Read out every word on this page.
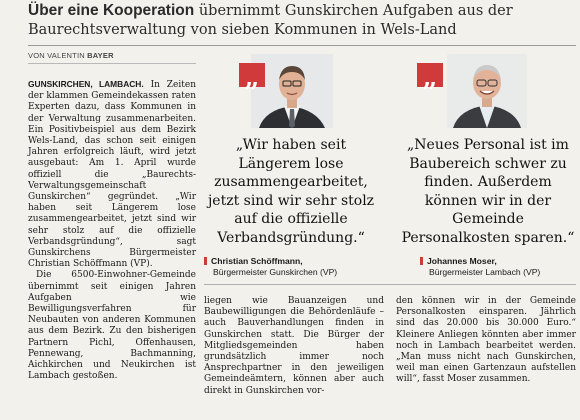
Über eine Kooperation übernimmt Gunskirchen Aufgaben aus der
Baurechtsverwaltung von sieben Kommunen in Wels-Land
VON VALENTIN BAYER

GUNSKIRCHEN, LAMBACH. In Zeiten der klammen Gemeindekassen raten Experten dazu, dass Kommunen in der Verwaltung zusammenarbeiten. Ein Positivbeispiel aus dem Bezirk Wels-Land, das schon seit einigen Jahren erfolgreich läuft, wird jetzt ausgebaut: Am 1. April wurde offiziell die „Baurechts-Verwaltungsgemeinschaft Gunskirchen“ gegründet. „Wir haben seit Längerem lose zusammengearbeitet, jetzt sind wir sehr stolz auf die offizielle Verbandsgründung“, sagt Gunskirchens Bürgermeister Christian Schöffmann (VP).

Die 6500-Einwohner-Gemeinde übernimmt seit einigen Jahren Aufgaben wie Bewilligungsverfahren für Neubauten von anderen Kommunen aus dem Bezirk. Zu den bisherigen Partnern Pichl, Offenhausen, Pennewang, Bachmanning, Aichkirchen und Neukirchen ist Lambach gestoßen.

„	„
„Wir haben seit Längerem lose zusammengearbeitet, jetzt sind wir sehr stolz auf die offizielle Verbandsgründung.“
Christian Schöffmann,
Bürgermeister Gunskirchen (VP)
„Neues Personal ist im Baubereich schwer zu finden. Außerdem können wir in der Gemeinde Personalkosten sparen.“
Johannes Moser,
Bürgermeister Lambach (VP)

liegen wie Bauanzeigen und Baubewilligungen die Behördenläufe – auch Bauverhandlungen finden in Gunskirchen statt. Die Bürger der Mitgliedsgemeinden haben grundsätzlich immer noch Ansprechpartner in den jeweiligen Gemeindeämtern, können aber auch direkt in Gunskirchen vor-

den können wir in der Gemeinde Personalkosten einsparen. Jährlich sind das 20.000 bis 30.000 Euro.“ Kleinere Anliegen könnten aber immer noch in Lambach bearbeitet werden. „Man muss nicht nach Gunskirchen, weil man einen Gartenzaun aufstellen will“, fasst Moser zusammen.
